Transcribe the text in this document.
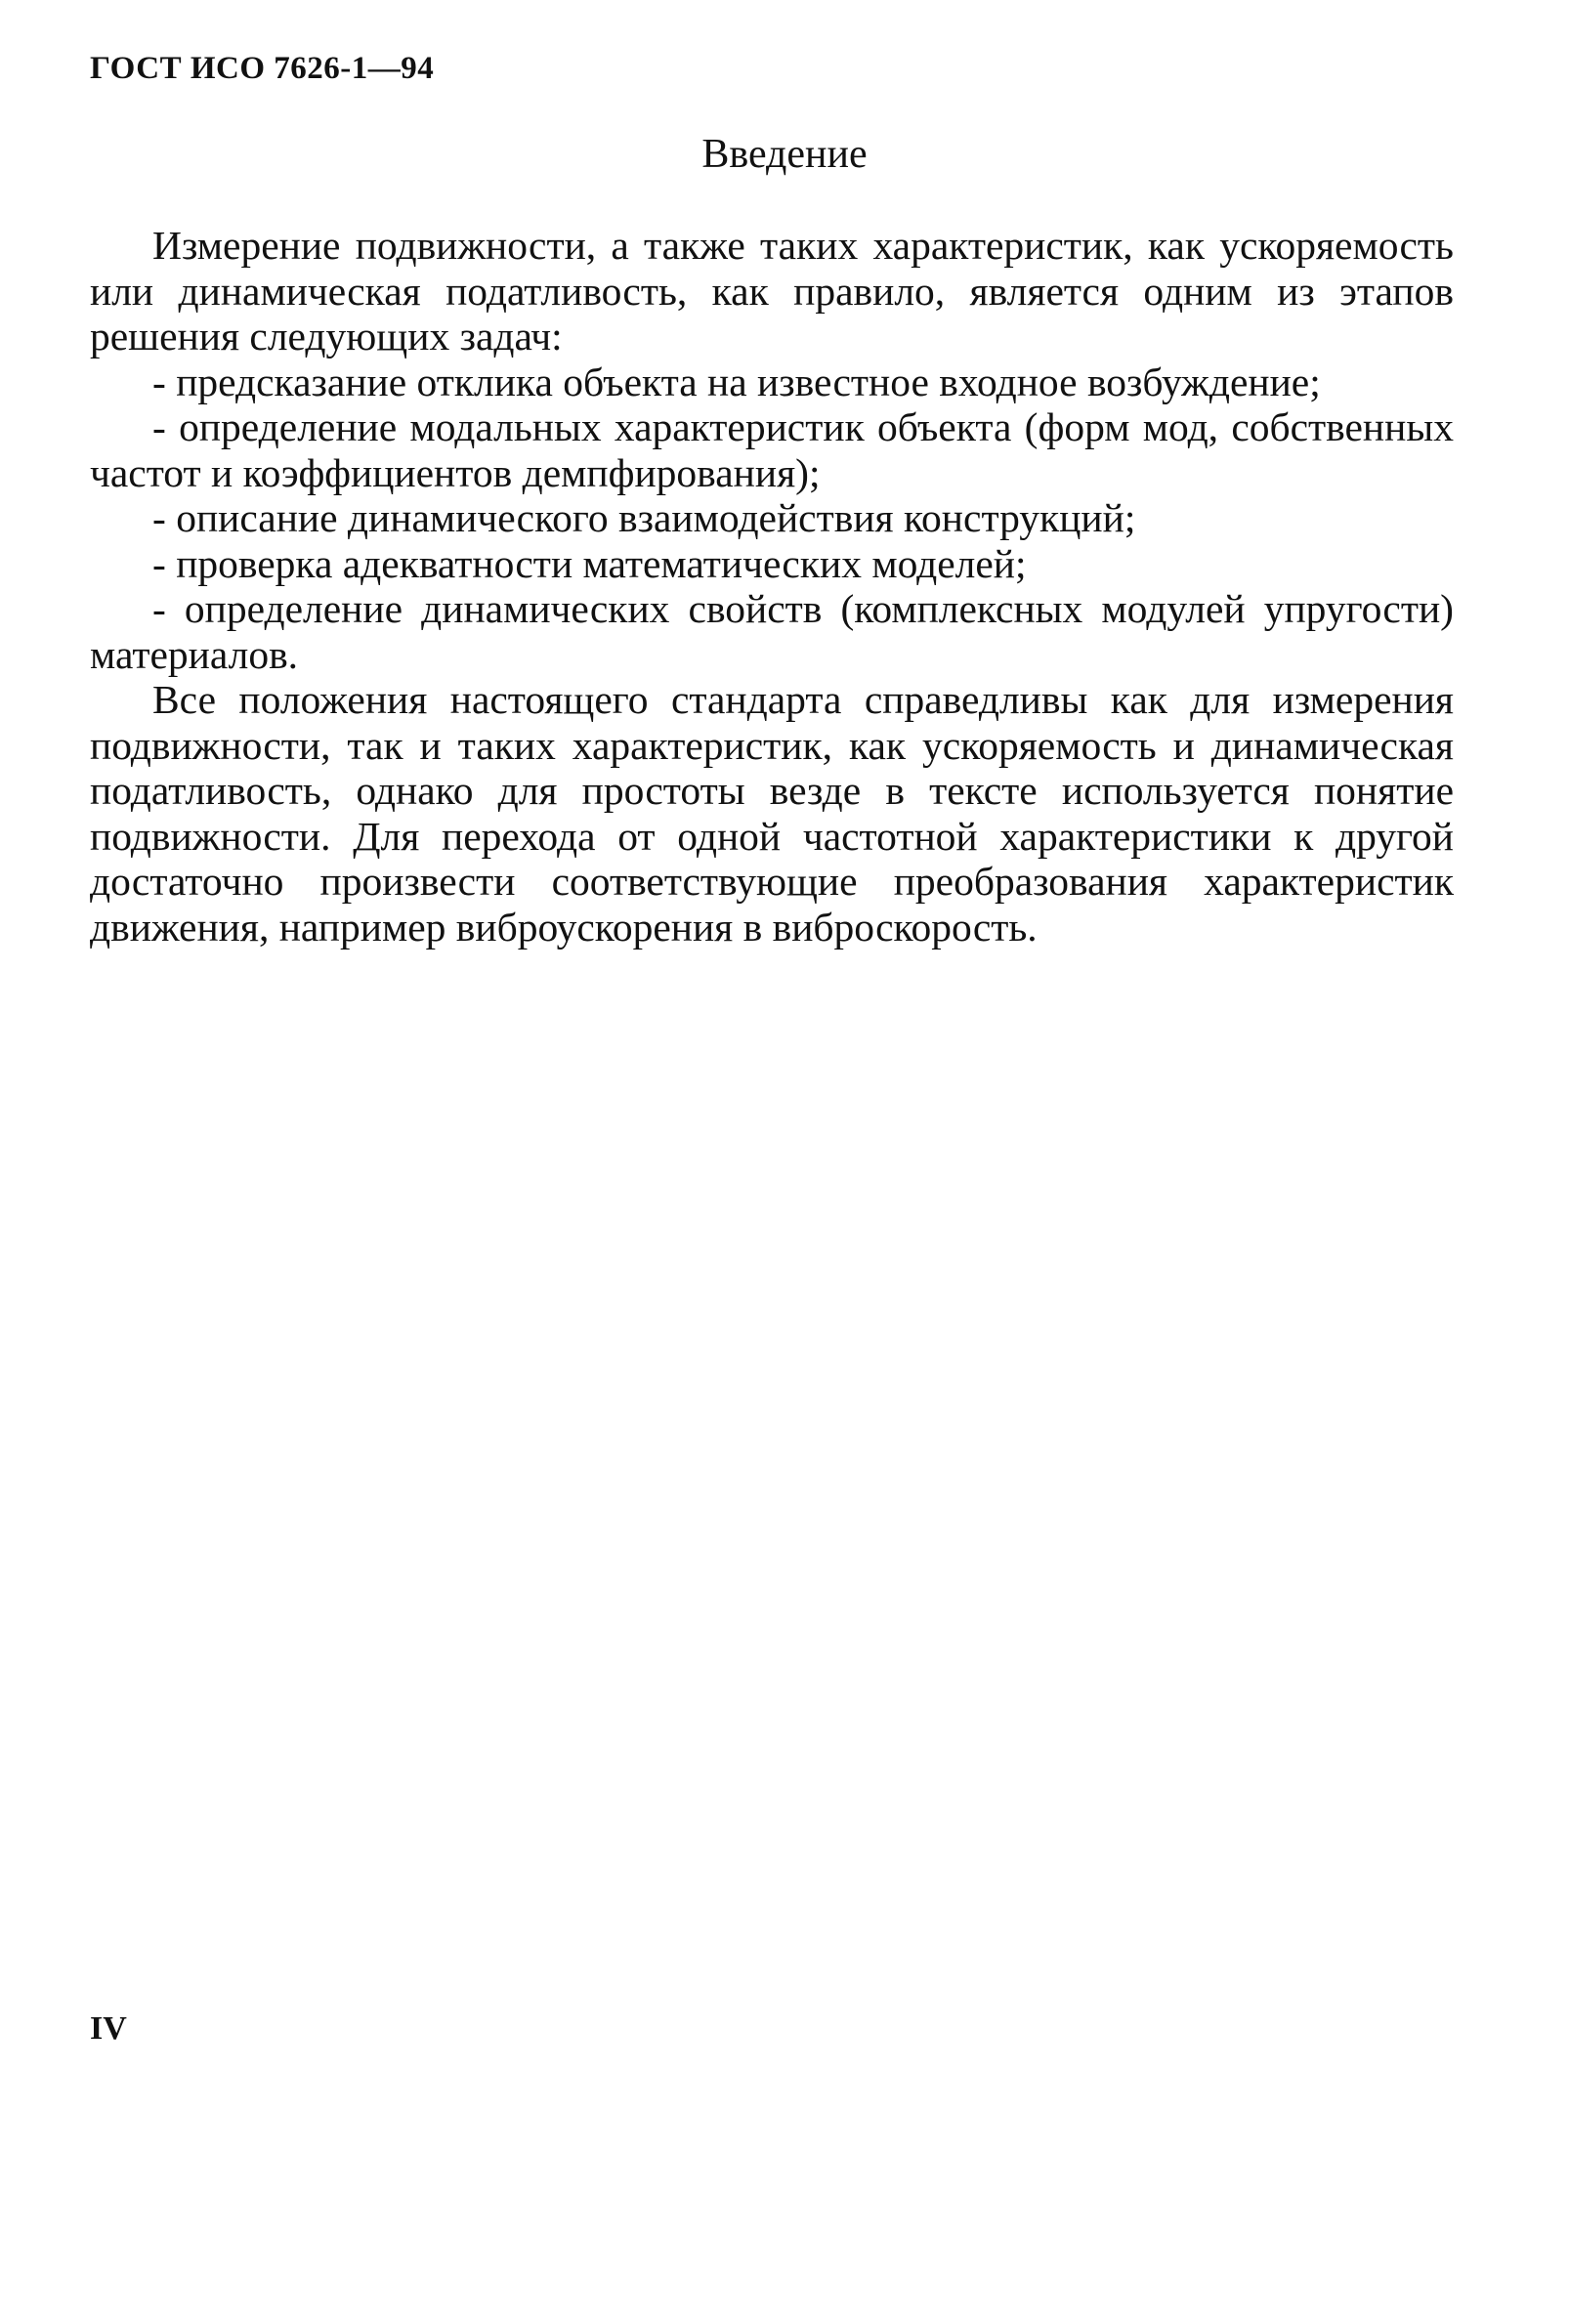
ГОСТ ИСО 7626-1—94
Введение

Измерение подвижности, а также таких характеристик, как ускоряемость или динамическая податливость, как правило, является одним из этапов решения следующих задач:

- предсказание отклика объекта на известное входное возбуждение;

- определение модальных характеристик объекта (форм мод, собственных частот и коэффициентов демпфирования);

- описание динамического взаимодействия конструкций;

- проверка адекватности математических моделей;

- определение динамических свойств (комплексных модулей упругости) материалов.

Все положения настоящего стандарта справедливы как для измерения подвижности, так и таких характеристик, как ускоряемость и динамическая податливость, однако для простоты везде в тексте используется понятие подвижности. Для перехода от одной частотной характеристики к другой достаточно произвести соответствующие преобразования характеристик движения, например виброускорения в виброскорость.

IV
